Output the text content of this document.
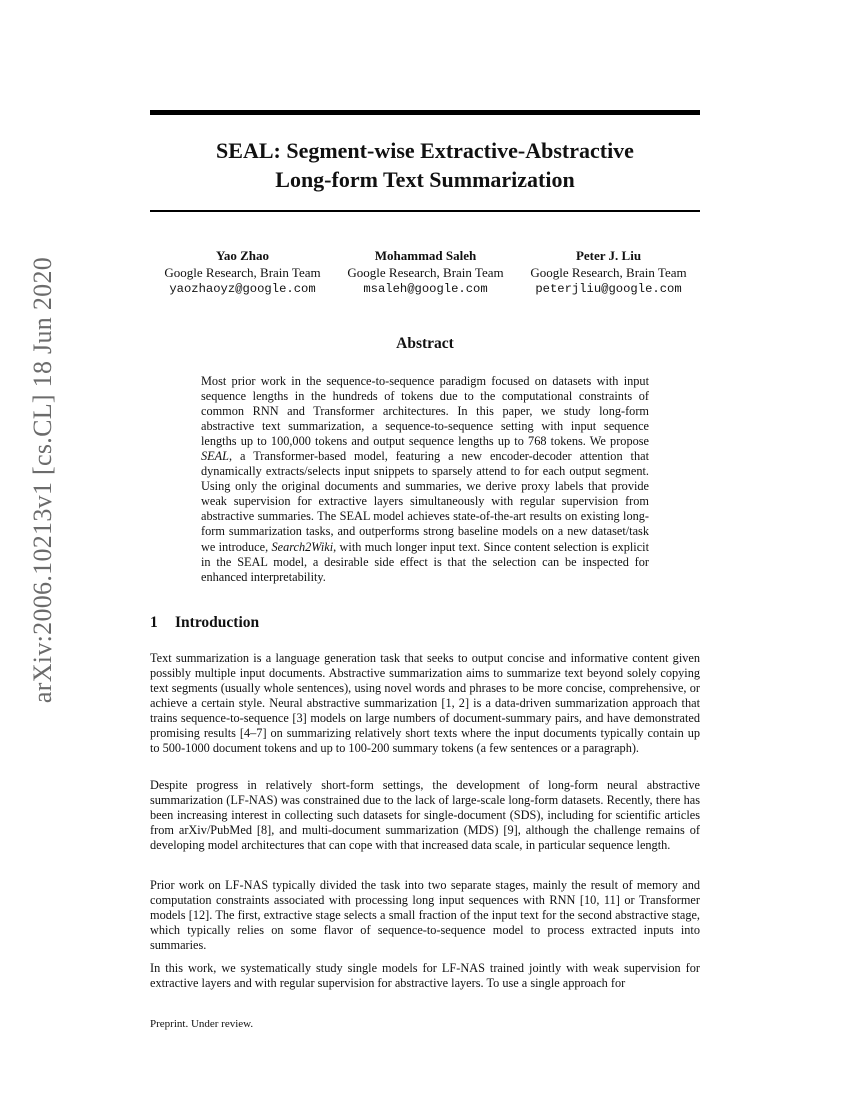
arXiv:2006.10213v1 [cs.CL] 18 Jun 2020
SEAL: Segment-wise Extractive-Abstractive
Long-form Text Summarization
Yao Zhao
Google Research, Brain Team
yaozhaoyz@google.com
Mohammad Saleh
Google Research, Brain Team
msaleh@google.com
Peter J. Liu
Google Research, Brain Team
peterjliu@google.com
Abstract
Most prior work in the sequence-to-sequence paradigm focused on datasets with input sequence lengths in the hundreds of tokens due to the computational constraints of common RNN and Transformer architectures. In this paper, we study long-form abstractive text summarization, a sequence-to-sequence setting with input sequence lengths up to 100,000 tokens and output sequence lengths up to 768 tokens. We propose SEAL, a Transformer-based model, featuring a new encoder-decoder attention that dynamically extracts/selects input snippets to sparsely attend to for each output segment. Using only the original documents and summaries, we derive proxy labels that provide weak supervision for extractive layers simultaneously with regular supervision from abstractive summaries. The SEAL model achieves state-of-the-art results on existing long-form summarization tasks, and outperforms strong baseline models on a new dataset/task we introduce, Search2Wiki, with much longer input text. Since content selection is explicit in the SEAL model, a desirable side effect is that the selection can be inspected for enhanced interpretability.
1 Introduction
Text summarization is a language generation task that seeks to output concise and informative content given possibly multiple input documents. Abstractive summarization aims to summarize text beyond solely copying text segments (usually whole sentences), using novel words and phrases to be more concise, comprehensive, or achieve a certain style. Neural abstractive summarization [1, 2] is a data-driven summarization approach that trains sequence-to-sequence [3] models on large numbers of document-summary pairs, and have demonstrated promising results [4–7] on summarizing relatively short texts where the input documents typically contain up to 500-1000 document tokens and up to 100-200 summary tokens (a few sentences or a paragraph).
Despite progress in relatively short-form settings, the development of long-form neural abstractive summarization (LF-NAS) was constrained due to the lack of large-scale long-form datasets. Recently, there has been increasing interest in collecting such datasets for single-document (SDS), including for scientific articles from arXiv/PubMed [8], and multi-document summarization (MDS) [9], although the challenge remains of developing model architectures that can cope with that increased data scale, in particular sequence length.
Prior work on LF-NAS typically divided the task into two separate stages, mainly the result of memory and computation constraints associated with processing long input sequences with RNN [10, 11] or Transformer models [12]. The first, extractive stage selects a small fraction of the input text for the second abstractive stage, which typically relies on some flavor of sequence-to-sequence model to process extracted inputs into summaries.
In this work, we systematically study single models for LF-NAS trained jointly with weak supervision for extractive layers and with regular supervision for abstractive layers. To use a single approach for
Preprint. Under review.
